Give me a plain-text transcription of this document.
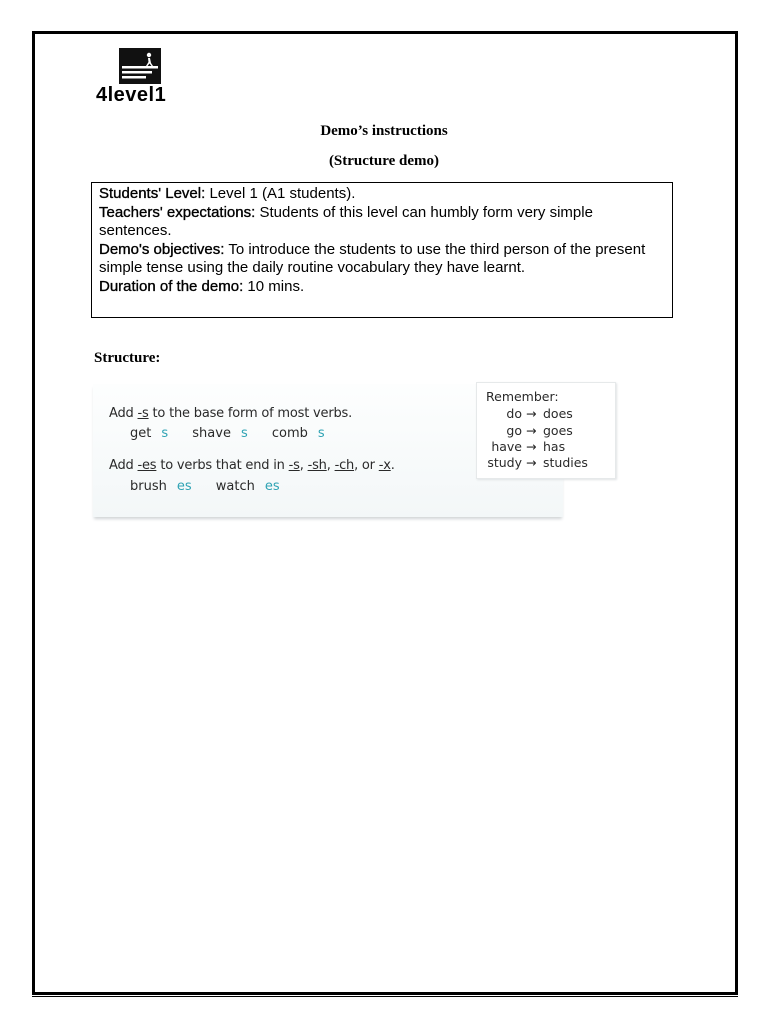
4level1
Demo’s instructions
(Structure demo)

Students' Level: Level 1 (A1 students).

Teachers' expectations: Students of this level can humbly form very simple sentences.

Demo's objectives: To introduce the students to use the third person of the present simple tense using the daily routine vocabulary they have learnt.

Duration of the demo: 10 mins.

Structure:
Add -s to the base form of most verbs.
get s shave s comb s
Add -es to verbs that end in -s, -sh, -ch, or -x.
brush es watch es
Remember:
do → does
go → goes
have → has
study → studies
